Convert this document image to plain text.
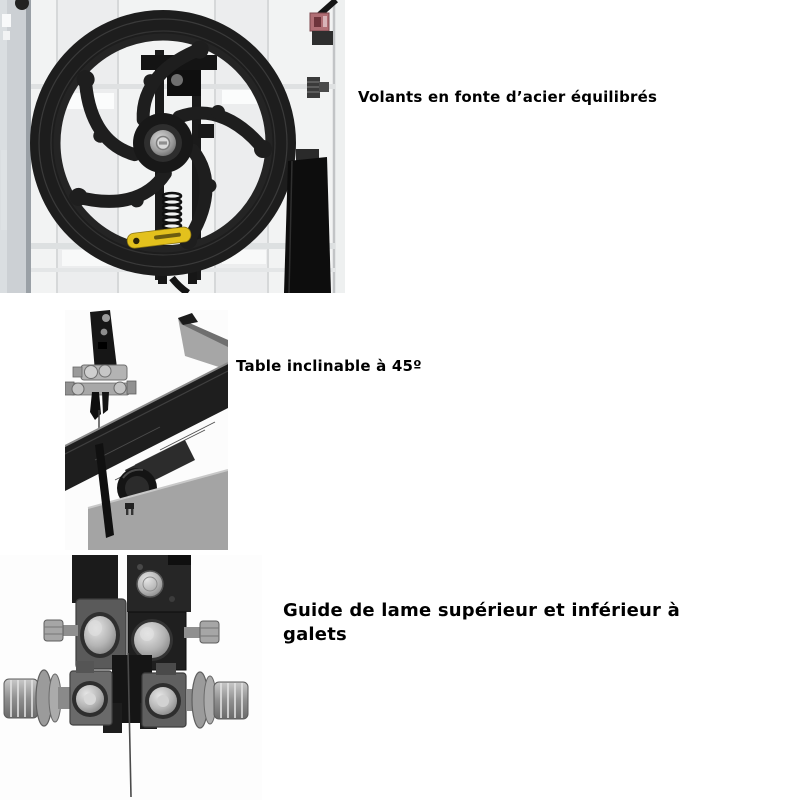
Volants en fonte d’acier équilibrés
Table inclinable à 45º
Guide de lame supérieur et inférieur à galets
